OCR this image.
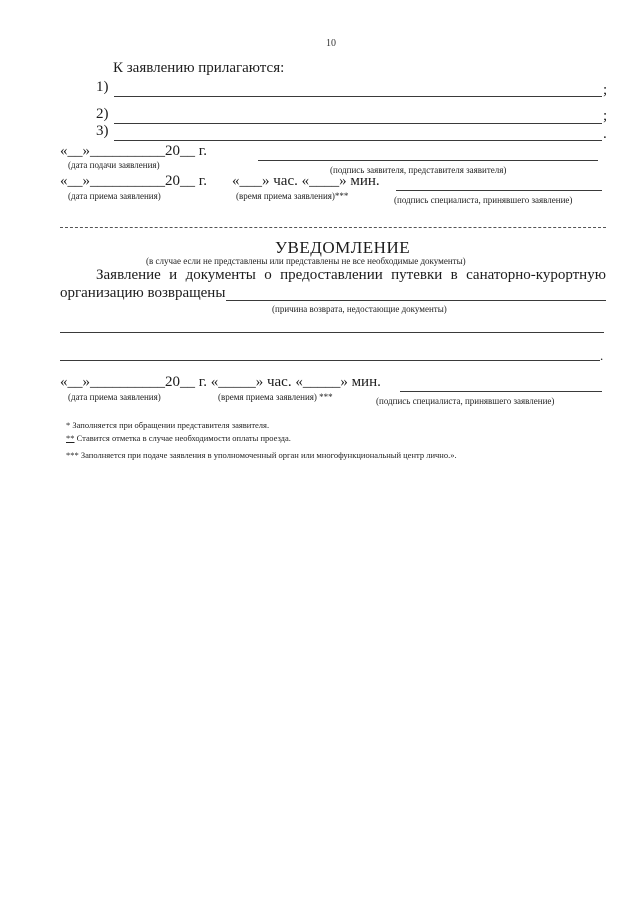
10
К заявлению прилагаются:
1)	;
2)	;
3)	.
«__»__________20__ г.
(дата подачи заявления)	(подпись заявителя, представителя заявителя)
«__»__________20__ г. «___» час. «____» мин.
(дата приема заявления)	(время приема заявления)***	(подпись специалиста, принявшего заявление)
УВЕДОМЛЕНИЕ
(в случае если не представлены или представлены не все необходимые документы)
Заявление и документы о предоставлении путевки в санаторно-курортную
организацию возвращены
(причина возврата, недостающие документы)
.
«__»__________20__ г. «_____» час. «_____» мин.
(дата приема заявления)	(время приема заявления) ***	(подпись специалиста, принявшего заявление)
* Заполняется при обращении представителя заявителя.
** Ставится отметка в случае необходимости оплаты проезда.
*** Заполняется при подаче заявления в уполномоченный орган или многофункциональный центр лично.».
